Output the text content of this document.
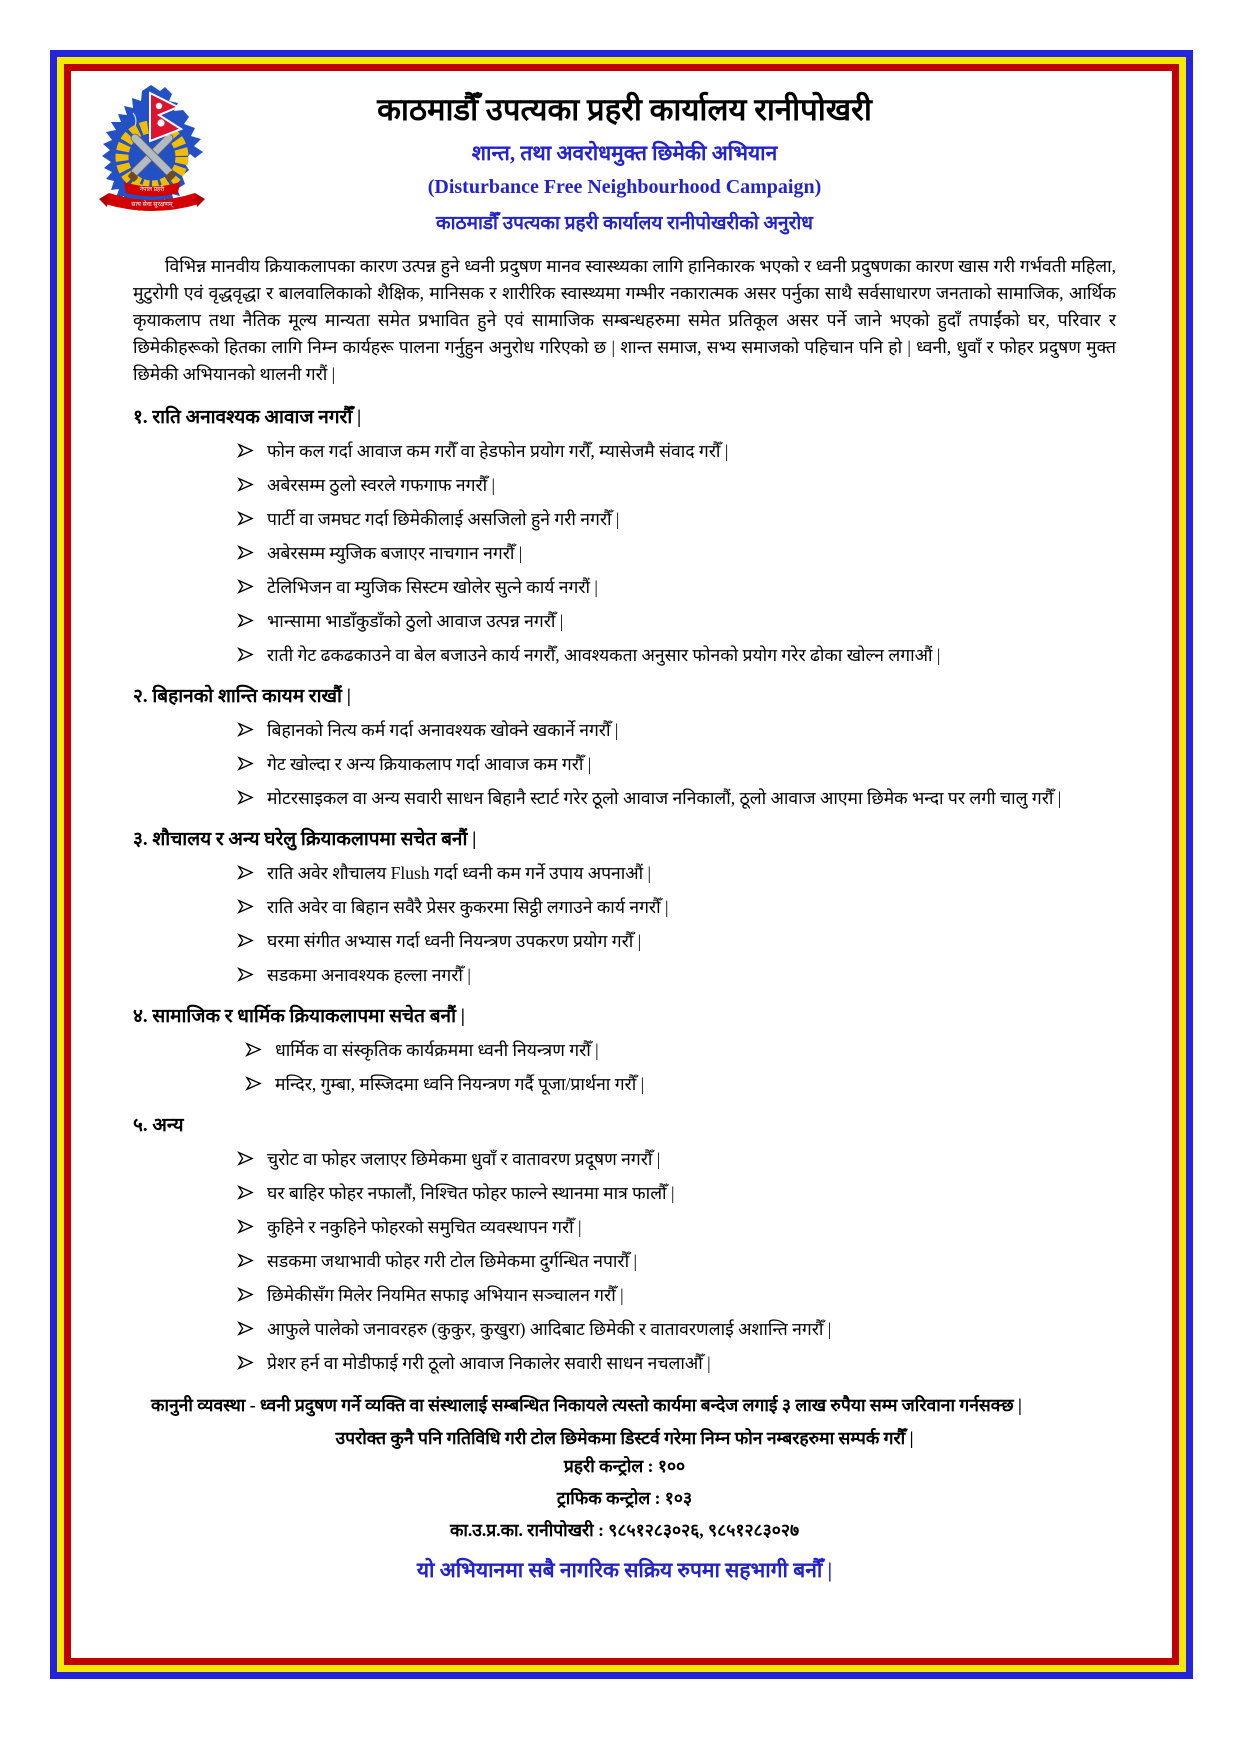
नेपाल प्रहरी
सत्य सेवा सुरक्षणम्
काठमाडौँ उपत्यका प्रहरी कार्यालय रानीपोखरी
शान्त, तथा अवरोधमुक्त छिमेकी अभियान
(Disturbance Free Neighbourhood Campaign)
काठमाडौँ उपत्यका प्रहरी कार्यालय रानीपोखरीको अनुरोध
विभिन्न मानवीय क्रियाकलापका कारण उत्पन्न हुने ध्वनी प्रदुषण मानव स्वास्थ्यका लागि हानिकारक भएको र ध्वनी प्रदुषणका कारण खास गरी गर्भवती महिला, मुटुरोगी एवं वृद्धवृद्धा र बालवालिकाको शैक्षिक, मानिसक र शारीरिक स्वास्थ्यमा गम्भीर नकारात्मक असर पर्नुका साथै सर्वसाधारण जनताको सामाजिक, आर्थिक कृयाकलाप तथा नैतिक मूल्य मान्यता समेत प्रभावित हुने एवं सामाजिक सम्बन्धहरुमा समेत प्रतिकूल असर पर्ने जाने भएको हुदाँ तपाईंको घर, परिवार र छिमेकीहरूको हितका लागि निम्न कार्यहरू पालना गर्नुहुन अनुरोध गरिएको छ | शान्त समाज, सभ्य समाजको पहिचान पनि हो | ध्वनी, धुवाँ र फोहर प्रदुषण मुक्त छिमेकी अभियानको थालनी गरौं |
१. राति अनावश्यक आवाज नगरौँ |
फोन कल गर्दा आवाज कम गरौँ वा हेडफोन प्रयोग गरौँ, म्यासेजमै संवाद गरौँ |
अबेरसम्म ठुलो स्वरले गफगाफ नगरौँ |
पार्टी वा जमघट गर्दा छिमेकीलाई असजिलो हुने गरी नगरौँ |
अबेरसम्म म्युजिक बजाएर नाचगान नगरौँ |
टेलिभिजन वा म्युजिक सिस्टम खोलेर सुत्ने कार्य नगरौं |
भान्सामा भाडाँकुडाँको ठुलो आवाज उत्पन्न नगरौँ |
राती गेट ढकढकाउने वा बेल बजाउने कार्य नगरौँ, आवश्यकता अनुसार फोनको प्रयोग गरेर ढोका खोल्न लगाऔं |
२. बिहानको शान्ति कायम राखौं |
बिहानको नित्य कर्म गर्दा अनावश्यक खोक्ने खकार्ने नगरौँ |
गेट खोल्दा र अन्य क्रियाकलाप गर्दा आवाज कम गरौँ |
मोटरसाइकल वा अन्य सवारी साधन बिहानै स्टार्ट गरेर ठूलो आवाज ननिकालौं, ठूलो आवाज आएमा छिमेक भन्दा पर लगी चालु गरौँ |
३. शौचालय र अन्य घरेलु क्रियाकलापमा सचेत बनौं |
राति अवेर शौचालय Flush गर्दा ध्वनी कम गर्ने उपाय अपनाऔं |
राति अवेर वा बिहान सवैरै प्रेसर कुकरमा सिट्ठी लगाउने कार्य नगरौँ |
घरमा संगीत अभ्यास गर्दा ध्वनी नियन्त्रण उपकरण प्रयोग गरौँ |
सडकमा अनावश्यक हल्ला नगरौँ |
४. सामाजिक र धार्मिक क्रियाकलापमा सचेत बनौं |
धार्मिक वा संस्कृतिक कार्यक्रममा ध्वनी नियन्त्रण गरौँ |
मन्दिर, गुम्बा, मस्जिदमा ध्वनि नियन्त्रण गर्दै पूजा/प्रार्थना गरौँ |
५. अन्य
चुरोट वा फोहर जलाएर छिमेकमा धुवाँ र वातावरण प्रदूषण नगरौँ |
घर बाहिर फोहर नफालौं, निश्चित फोहर फाल्ने स्थानमा मात्र फालौँ |
कुहिने र नकुहिने फोहरको समुचित व्यवस्थापन गरौँ |
सडकमा जथाभावी फोहर गरी टोल छिमेकमा दुर्गन्धित नपारौँ |
छिमेकीसँग मिलेर नियमित सफाइ अभियान सञ्चालन गरौँ |
आफुले पालेको जनावरहरु (कुकुर, कुखुरा) आदिबाट छिमेकी र वातावरणलाई अशान्ति नगरौँ |
प्रेशर हर्न वा मोडीफाई गरी ठूलो आवाज निकालेर सवारी साधन नचलाऔँ |
कानुनी व्यवस्था - ध्वनी प्रदुषण गर्ने व्यक्ति वा संस्थालाई सम्बन्धित निकायले त्यस्तो कार्यमा बन्देज लगाई ३ लाख रुपैया सम्म जरिवाना गर्नसक्छ |
उपरोक्त कुनै पनि गतिविधि गरी टोल छिमेकमा डिस्टर्व गरेमा निम्न फोन नम्बरहरुमा सम्पर्क गरौँ |
प्रहरी कन्ट्रोल : १००
ट्राफिक कन्ट्रोल : १०३
का.उ.प्र.का. रानीपोखरी : ९८५१२८३०२६, ९८५१२८३०२७
यो अभियानमा सबै नागरिक सक्रिय रुपमा सहभागी बनौँ |
